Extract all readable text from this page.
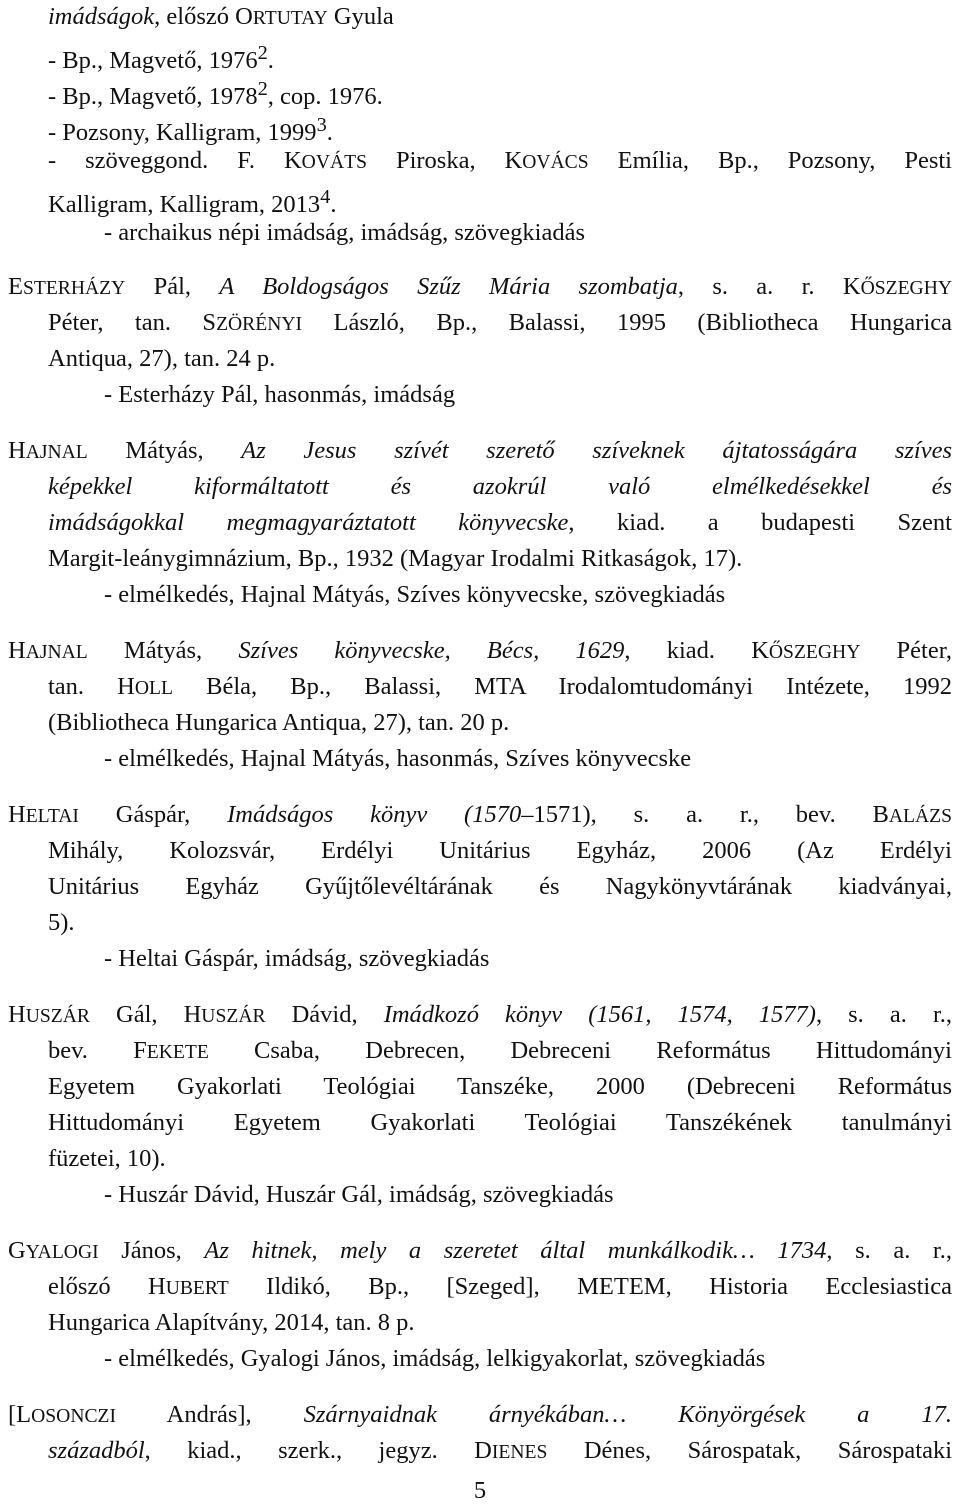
imádságok, előszó ORTUTAY Gyula
- Bp., Magvető, 1976$^2$.
- Bp., Magvető, 1978$^2$, cop. 1976.
- Pozsony, Kalligram, 1999$^3$.
- szöveggond. F. KOVÁTS Piroska, KOVÁCS Emília, Bp., Pozsony, Pesti
Kalligram, Kalligram, 2013$^4$.
- archaikus népi imádság, imádság, szövegkiadás
ESTERHÁZY Pál, A Boldogságos Szűz Mária szombatja, s. a. r. KŐSZEGHY
Péter, tan. SZÖRÉNYI László, Bp., Balassi, 1995 (Bibliotheca Hungarica
Antiqua, 27), tan. 24 p.
- Esterházy Pál, hasonmás, imádság
HAJNAL Mátyás, Az Jesus szívét szerető szíveknek ájtatosságára szíves
képekkel kiformáltatott és azokrúl való elmélkedésekkel és
imádságokkal megmagyaráztatott könyvecske, kiad. a budapesti Szent
Margit-leánygimnázium, Bp., 1932 (Magyar Irodalmi Ritkaságok, 17).
- elmélkedés, Hajnal Mátyás, Szíves könyvecske, szövegkiadás
HAJNAL Mátyás, Szíves könyvecske, Bécs, 1629, kiad. KŐSZEGHY Péter,
tan. HOLL Béla, Bp., Balassi, MTA Irodalomtudományi Intézete, 1992
(Bibliotheca Hungarica Antiqua, 27), tan. 20 p.
- elmélkedés, Hajnal Mátyás, hasonmás, Szíves könyvecske
HELTAI Gáspár, Imádságos könyv (1570–1571), s. a. r., bev. BALÁZS
Mihály, Kolozsvár, Erdélyi Unitárius Egyház, 2006 (Az Erdélyi
Unitárius Egyház Gyűjtőlevéltárának és Nagykönyvtárának kiadványai,
5).
- Heltai Gáspár, imádság, szövegkiadás
HUSZÁR Gál, HUSZÁR Dávid, Imádkozó könyv (1561, 1574, 1577), s. a. r.,
bev. FEKETE Csaba, Debrecen, Debreceni Református Hittudományi
Egyetem Gyakorlati Teológiai Tanszéke, 2000 (Debreceni Református
Hittudományi Egyetem Gyakorlati Teológiai Tanszékének tanulmányi
füzetei, 10).
- Huszár Dávid, Huszár Gál, imádság, szövegkiadás
GYALOGI János, Az hitnek, mely a szeretet által munkálkodik… 1734, s. a. r.,
előszó HUBERT Ildikó, Bp., [Szeged], METEM, Historia Ecclesiastica
Hungarica Alapítvány, 2014, tan. 8 p.
- elmélkedés, Gyalogi János, imádság, lelkigyakorlat, szövegkiadás
[LOSONCZI András], Szárnyaidnak árnyékában… Könyörgések a 17.
századból, kiad., szerk., jegyz. DIENES Dénes, Sárospatak, Sárospataki
5
